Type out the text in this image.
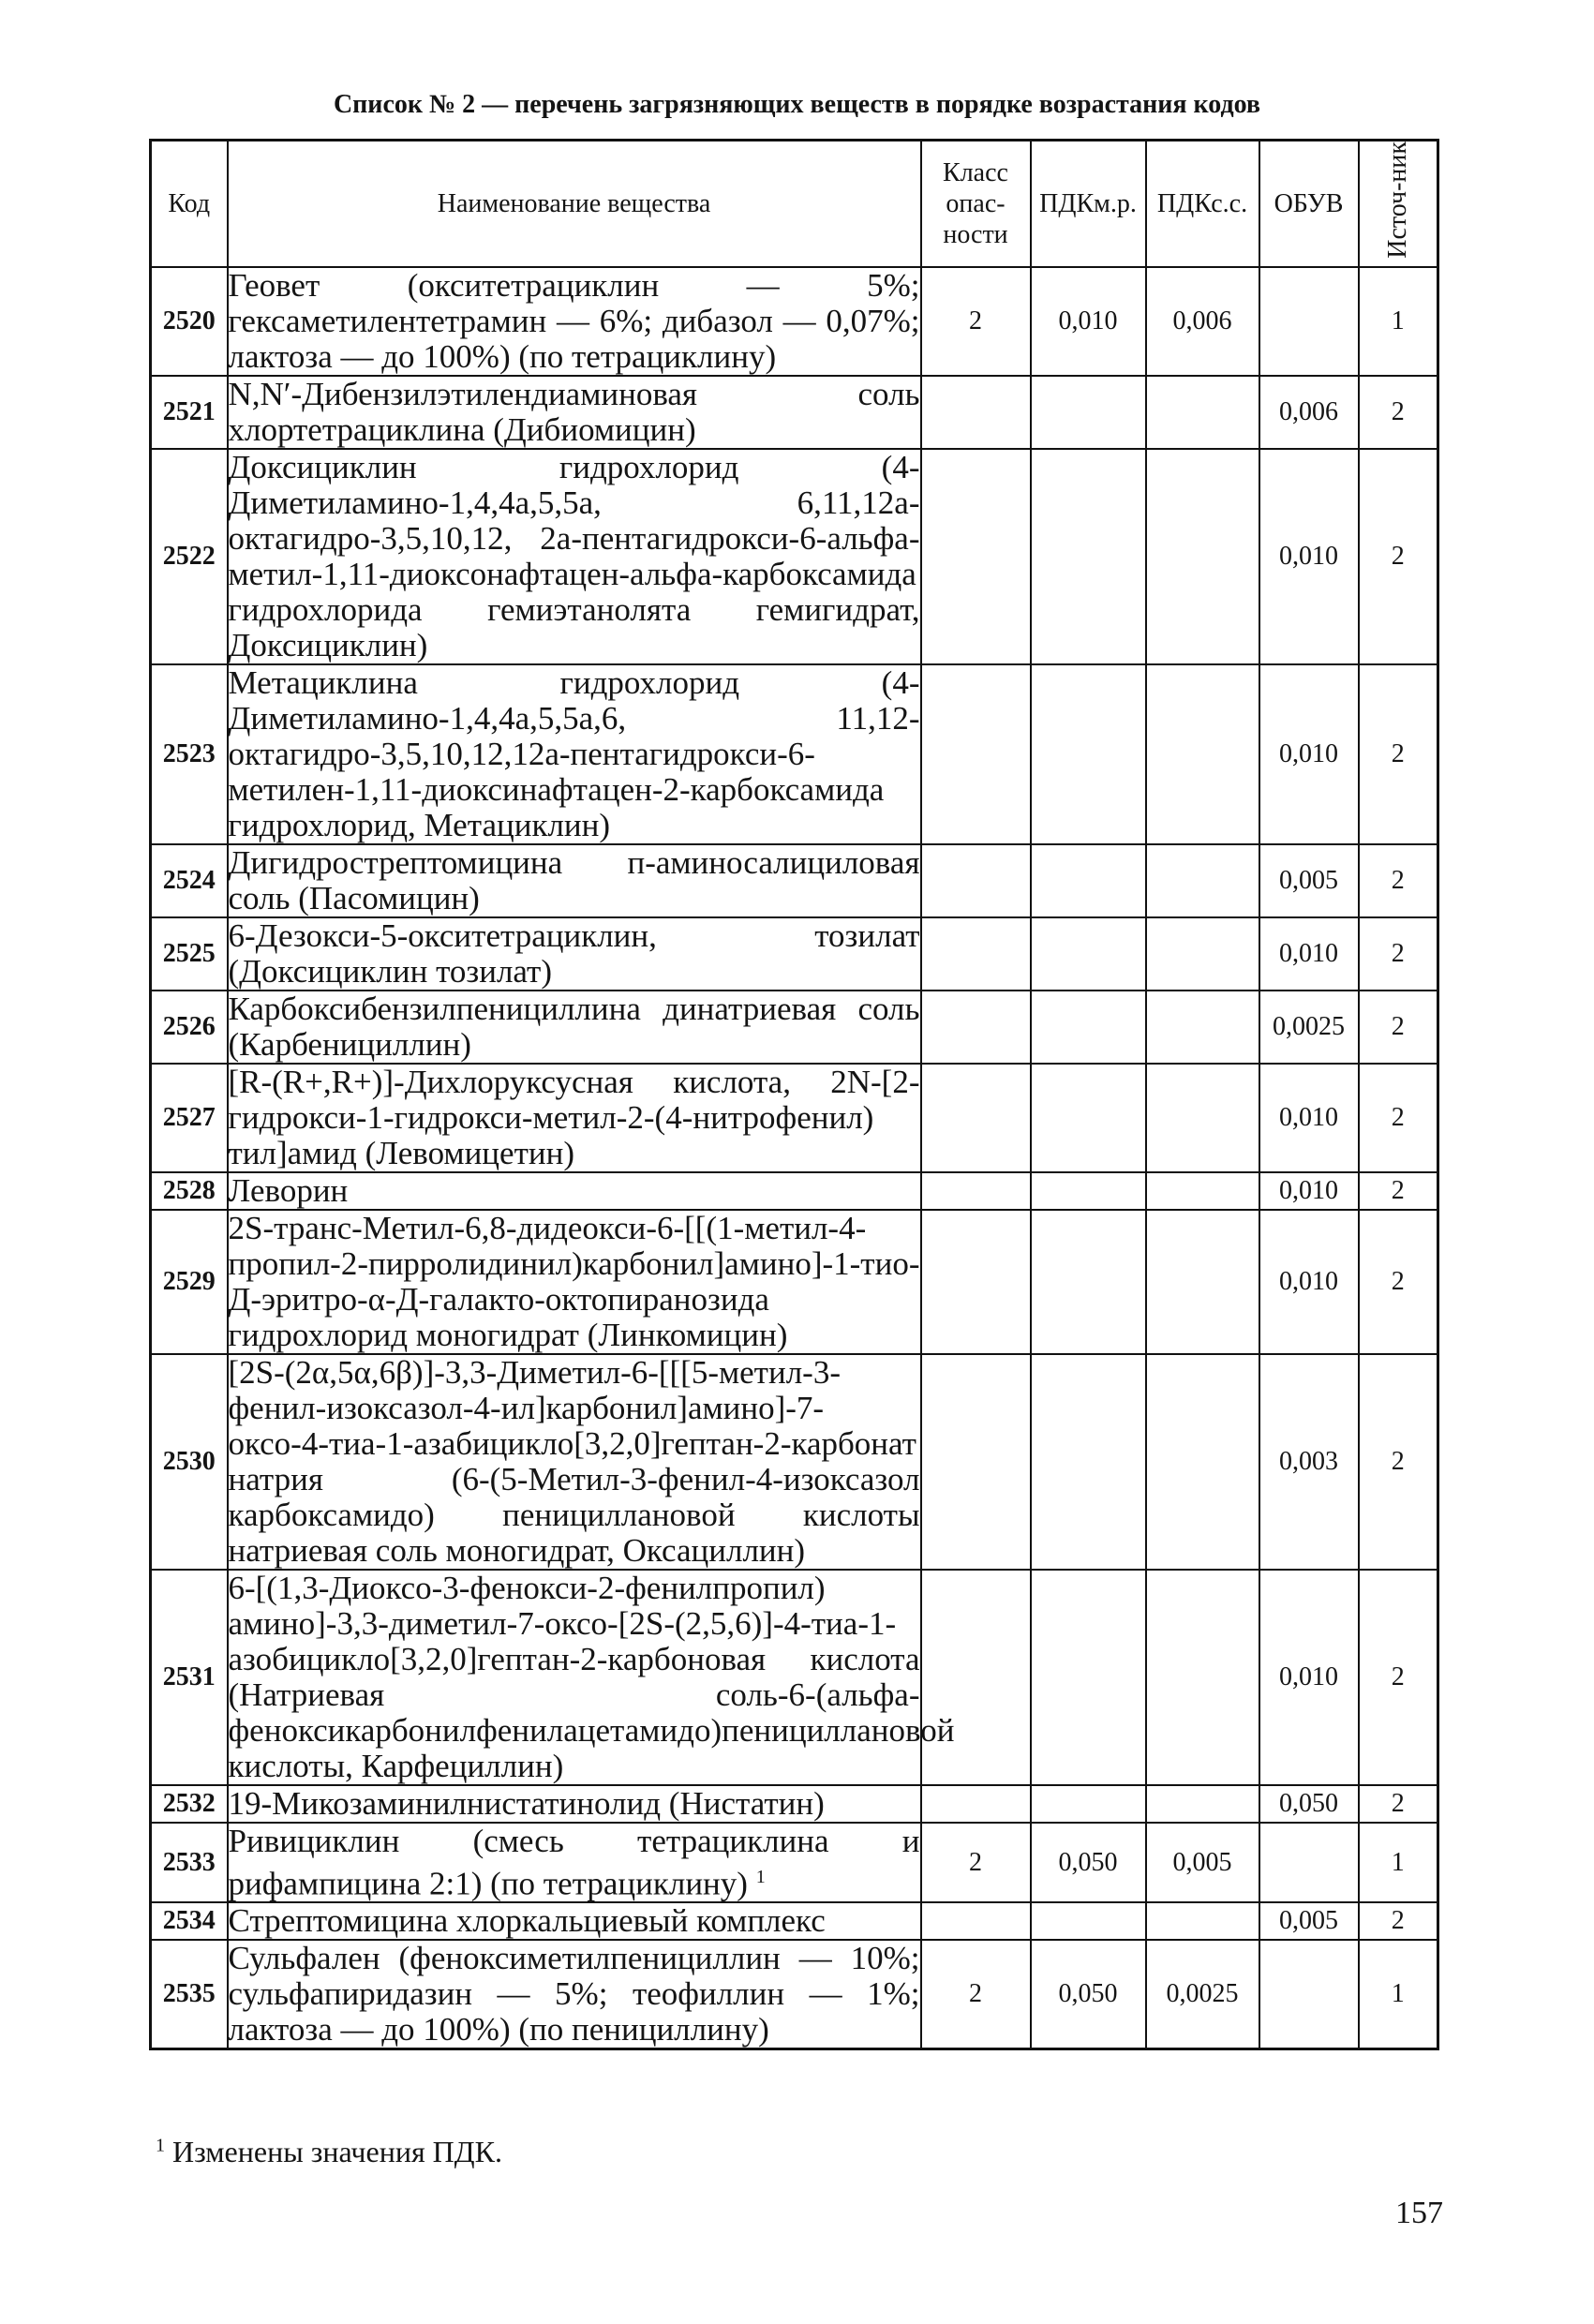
Список № 2 — перечень загрязняющих веществ в порядке возрастания кодов
Код	Наименование вещества	Класс опас-ности	ПДКм.р.	ПДКс.с.	ОБУВ	Источ-ник
2520	Геовет (окситетрациклин — 5%; гексаметилентетрамин — 6%; дибазол — 0,07%; лактоза — до 100%) (по тетрациклину)	2	0,010	0,006		1
2521	N,N′-Дибензилэтилендиаминовая соль хлортетрациклина (Дибиомицин)				0,006	2
2522	Доксициклин гидрохлорид (4-Диметиламино-1,4,4а,5,5а, 6,11,12а-октагидро-3,5,10,12, 2а-пентагидрокси-6-альфа-метил-1,11-диоксонафтацен-альфа-карбоксамида гидрохлорида гемиэтанолята гемигидрат, Доксициклин)				0,010	2
2523	Метациклина гидрохлорид (4-Диметиламино-1,4,4а,5,5а,6, 11,12-октагидро-3,5,10,12,12а-пентагидрокси-6-метилен-1,11-диоксинафтацен-2-карбоксамида гидрохлорид, Метациклин)				0,010	2
2524	Дигидрострептомицина п-аминосалициловая соль (Пасомицин)				0,005	2
2525	6-Дезокси-5-окситетрациклин, тозилат (Доксициклин тозилат)				0,010	2
2526	Карбоксибензилпенициллина динатриевая соль (Карбенициллин)				0,0025	2
2527	[R-(R+,R+)]-Дихлоруксусная кислота, 2N-[2-гидрокси-1-гидрокси-метил-2-(4-нитрофенил) тил]амид (Левомицетин)				0,010	2
2528	Леворин				0,010	2
2529	2S-транс-Метил-6,8-дидеокси-6-[[(1-метил-4-пропил-2-пирролидинил)карбонил]амино]-1-тио-Д-эритро-α-Д-галакто-октопиранозида гидрохлорид моногидрат (Линкомицин)				0,010	2
2530	[2S-(2α,5α,6β)]-3,3-Диметил-6-[[[5-метил-3-фенил-изоксазол-4-ил]карбонил]амино]-7-оксо-4-тиа-1-азабицикло[3,2,0]гептан-2-карбонат натрия (6-(5-Метил-3-фенил-4-изоксазол карбоксамидо) пенициллановой кислоты натриевая соль моногидрат, Оксациллин)				0,003	2
2531	6-[(1,3-Диоксо-3-фенокси-2-фенилпропил) амино]-3,3-диметил-7-оксо-[2S-(2,5,6)]-4-тиа-1-азобицикло[3,2,0]гептан-2-карбоновая кислота (Натриевая соль-6-(альфа-феноксикарбонилфенилацетамидо)пенициллановой кислоты, Карфециллин)				0,010	2
2532	19-Микозаминилнистатинолид (Нистатин)				0,050	2
2533	Ривициклин (смесь тетрациклина и рифампицина 2:1) (по тетрациклину) $^1$	2	0,050	0,005		1
2534	Стрептомицина хлоркальциевый комплекс				0,005	2
2535	Сульфален (феноксиметилпенициллин — 10%; сульфапиридазин — 5%; теофиллин — 1%; лактоза — до 100%) (по пенициллину)	2	0,050	0,0025		1
$^1$ Изменены значения ПДК.
157
